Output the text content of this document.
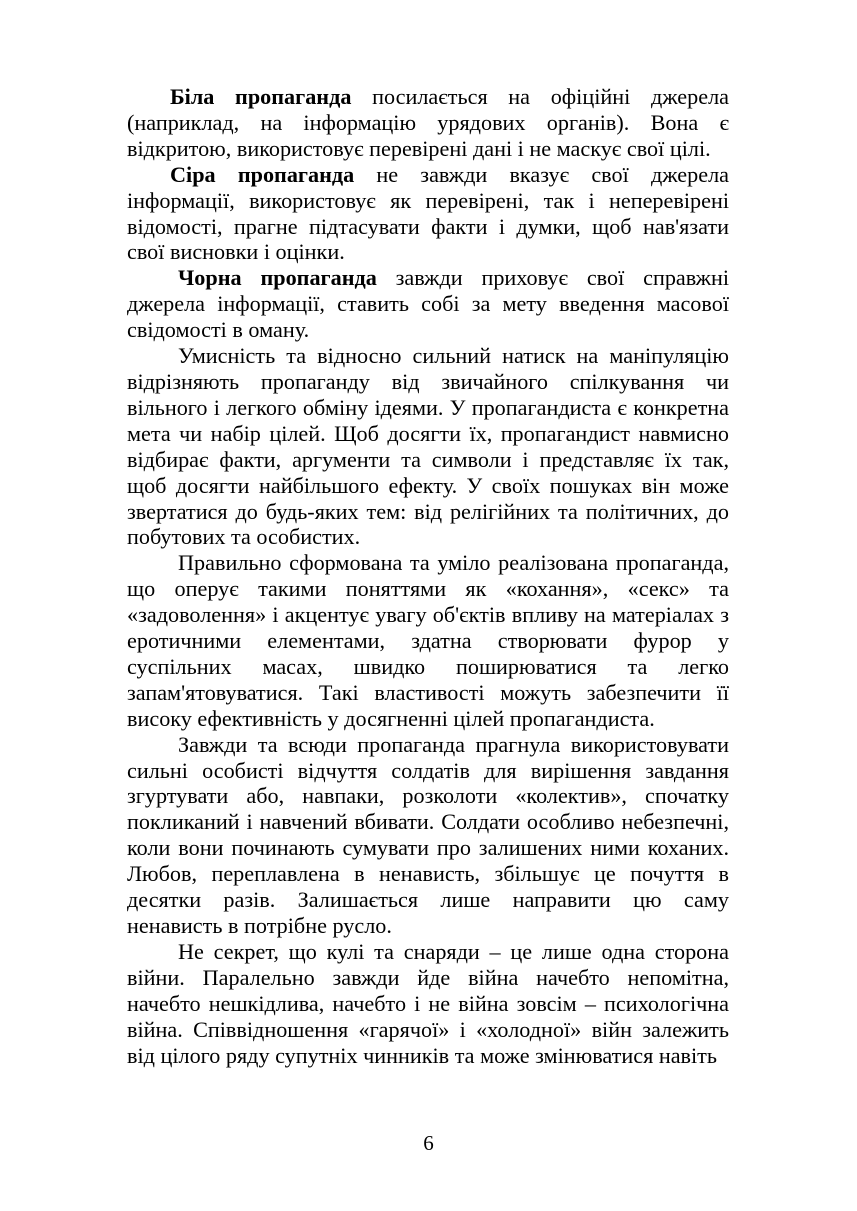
Біла пропаганда посилається на офіційні джерела (наприклад, на інформацію урядових органів). Вона є відкритою, використовує перевірені дані і не маскує свої цілі.

Сіра пропаганда не завжди вказує свої джерела інформації, використовує як перевірені, так і неперевірені відомості, прагне підтасувати факти і думки, щоб нав'язати свої висновки і оцінки.

Чорна пропаганда завжди приховує свої справжні джерела інформації, ставить собі за мету введення масової свідомості в оману.

Умисність та відносно сильний натиск на маніпуляцію відрізняють пропаганду від звичайного спілкування чи вільного і легкого обміну ідеями. У пропагандиста є конкретна мета чи набір цілей. Щоб досягти їх, пропагандист навмисно відбирає факти, аргументи та символи і представляє їх так, щоб досягти найбільшого ефекту. У своїх пошуках він може звертатися до будь-яких тем: від релігійних та політичних, до побутових та особистих.

Правильно сформована та уміло реалізована пропаганда, що оперує такими поняттями як «кохання», «секс» та «задоволення» і акцентує увагу об'єктів впливу на матеріалах з еротичними елементами, здатна створювати фурор у суспільних масах, швидко поширюватися та легко запам'ятовуватися. Такі властивості можуть забезпечити її високу ефективність у досягненні цілей пропагандиста.

Завжди та всюди пропаганда прагнула використовувати сильні особисті відчуття солдатів для вирішення завдання згуртувати або, навпаки, розколоти «колектив», спочатку покликаний і навчений вбивати. Солдати особливо небезпечні, коли вони починають сумувати про залишених ними коханих. Любов, переплавлена в ненависть, збільшує це почуття в десятки разів. Залишається лише направити цю саму ненависть в потрібне русло.

Не секрет, що кулі та снаряди – це лише одна сторона війни. Паралельно завжди йде війна начебто непомітна, начебто нешкідлива, начебто і не війна зовсім – психологічна війна. Співвідношення «гарячої» і «холодної» війн залежить від цілого ряду супутніх чинників та може змінюватися навіть

6
